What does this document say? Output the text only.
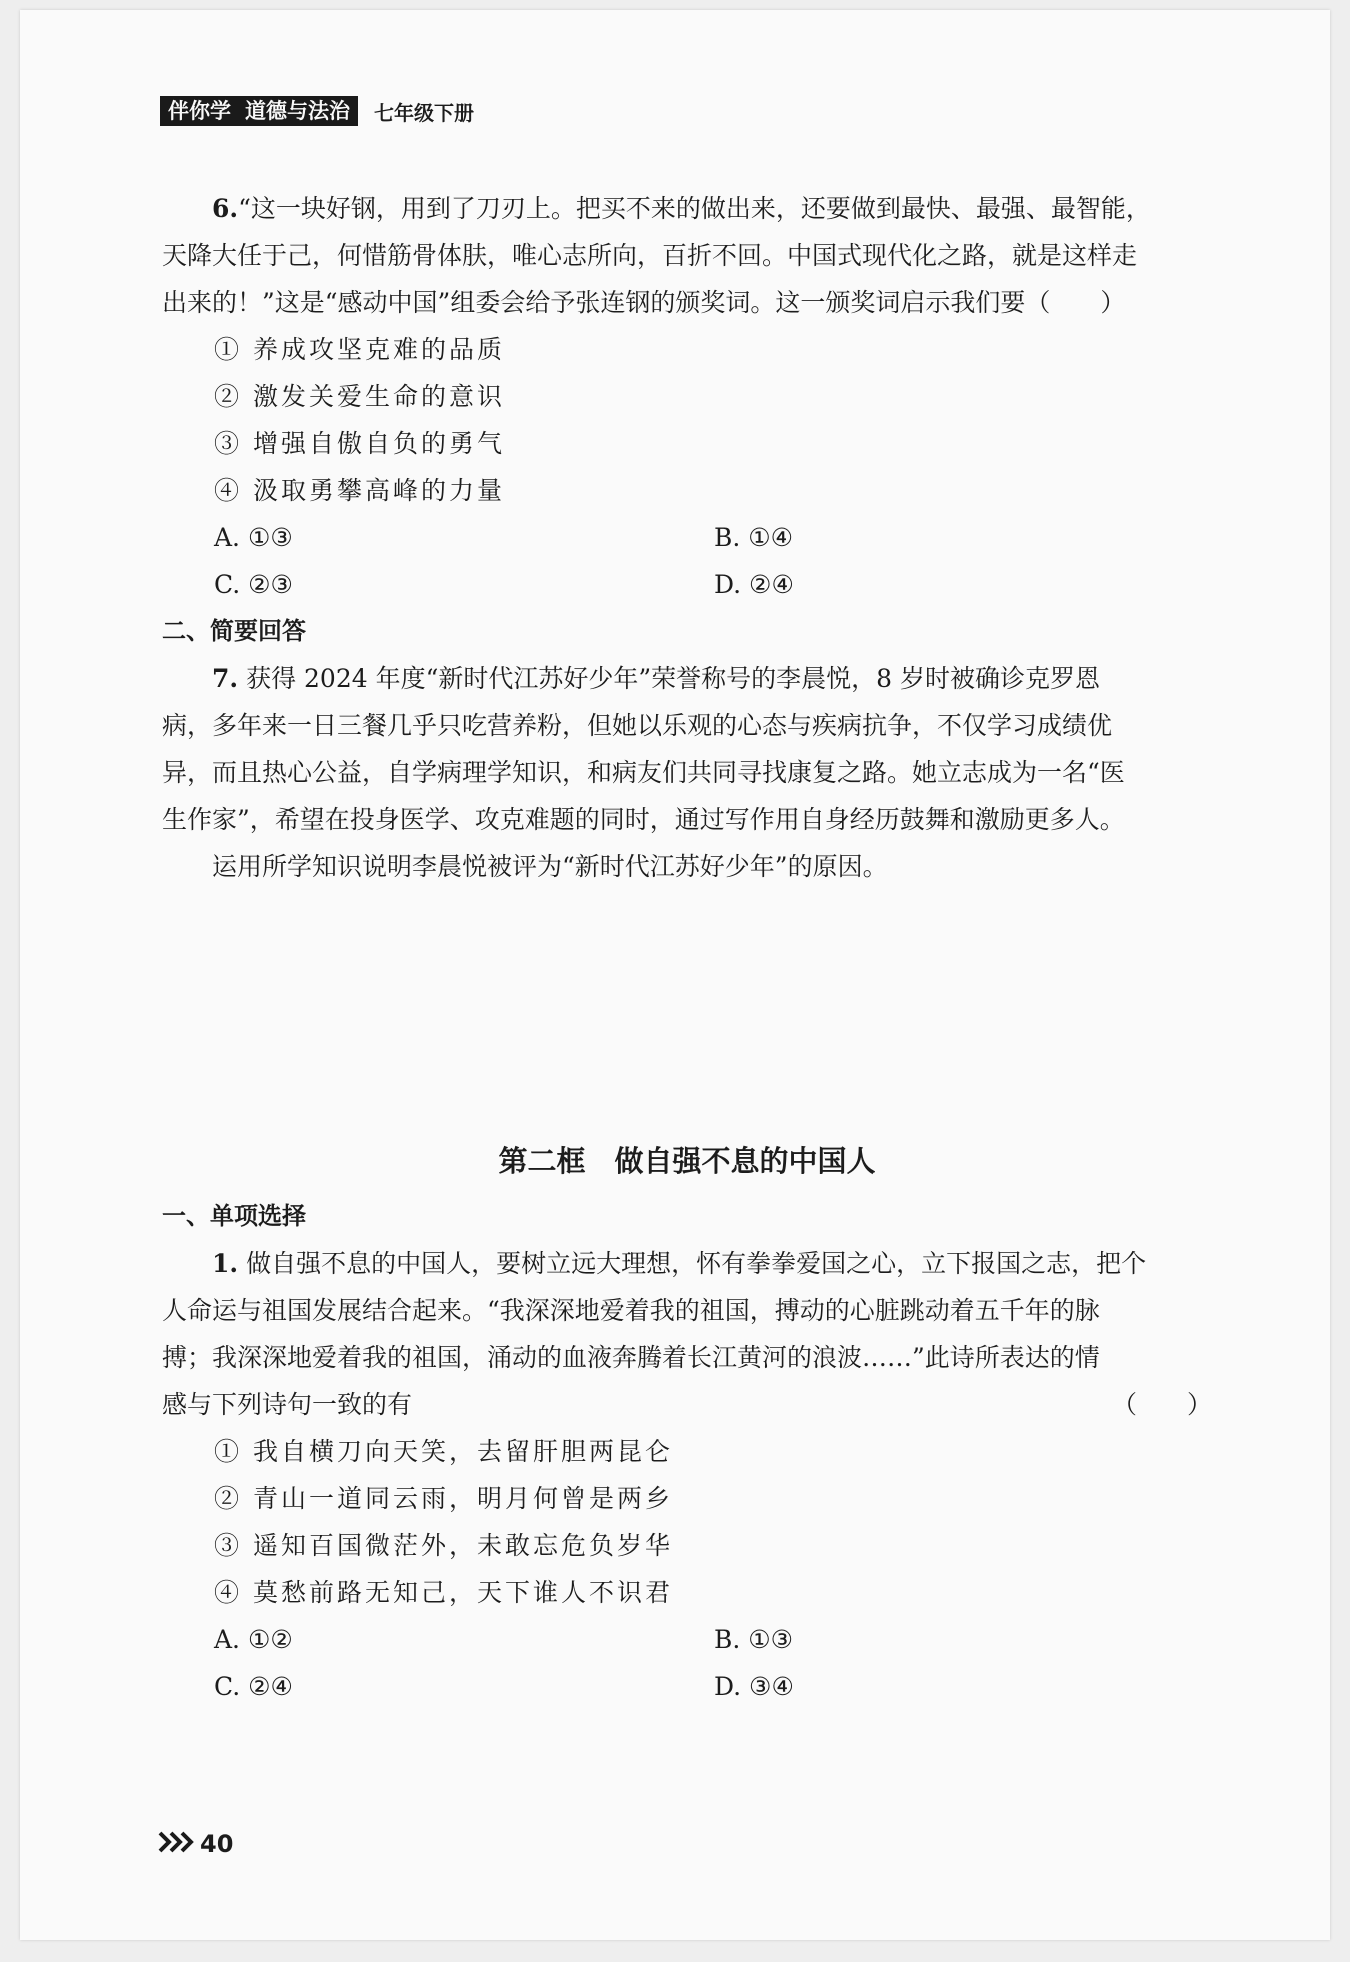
伴你学 道德与法治	七年级下册

6.“这一块好钢，用到了刀刃上。把买不来的做出来，还要做到最快、最强、最智能，

天降大任于己，何惜筋骨体肤，唯心志所向，百折不回。中国式现代化之路，就是这样走

出来的！”这是“感动中国”组委会给予张连钢的颁奖词。这一颁奖词启示我们要（　　）

① 养成攻坚克难的品质
② 激发关爱生命的意识
③ 增强自傲自负的勇气
④ 汲取勇攀高峰的力量
A. ①③	B. ①④
C. ②③	D. ②④

二、简要回答

7. 获得 2024 年度“新时代江苏好少年”荣誉称号的李晨悦，8 岁时被确诊克罗恩

病，多年来一日三餐几乎只吃营养粉，但她以乐观的心态与疾病抗争，不仅学习成绩优

异，而且热心公益，自学病理学知识，和病友们共同寻找康复之路。她立志成为一名“医

生作家”，希望在投身医学、攻克难题的同时，通过写作用自身经历鼓舞和激励更多人。

运用所学知识说明李晨悦被评为“新时代江苏好少年”的原因。

第二框　做自强不息的中国人

一、单项选择

1. 做自强不息的中国人，要树立远大理想，怀有拳拳爱国之心，立下报国之志，把个

人命运与祖国发展结合起来。“我深深地爱着我的祖国，搏动的心脏跳动着五千年的脉

搏；我深深地爱着我的祖国，涌动的血液奔腾着长江黄河的浪波……”此诗所表达的情

感与下列诗句一致的有	（　　）

① 我自横刀向天笑，去留肝胆两昆仑
② 青山一道同云雨，明月何曾是两乡
③ 遥知百国微茫外，未敢忘危负岁华
④ 莫愁前路无知己，天下谁人不识君
A. ①②	B. ①③
C. ②④	D. ③④
40
